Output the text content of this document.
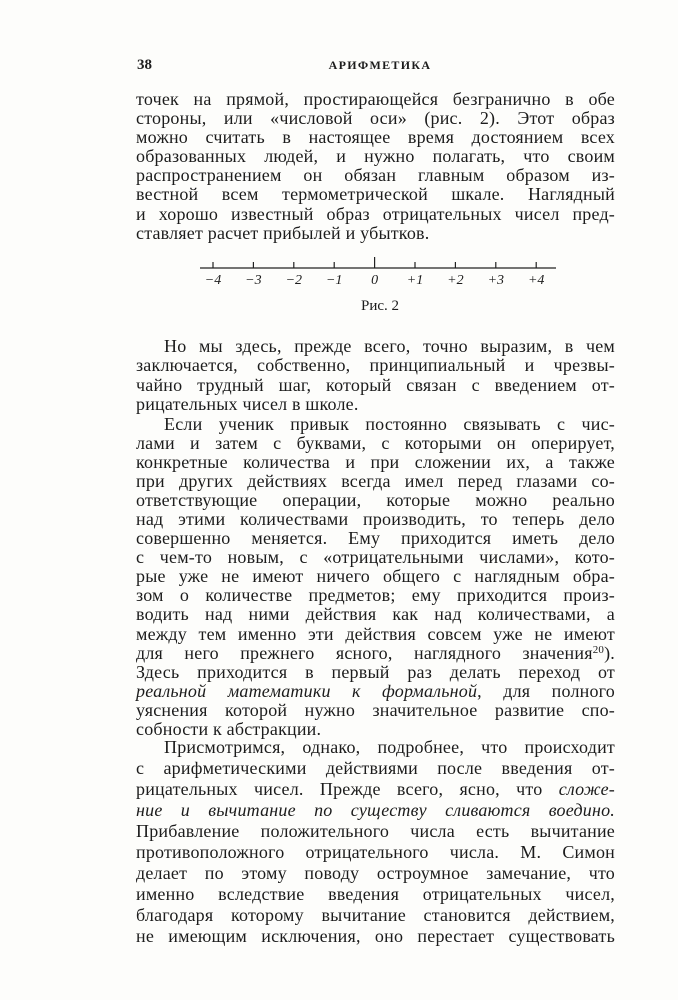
38	АРИФМЕТИКА
точек на прямой, простирающейся безгранично в обе
стороны, или «числовой оси» (рис. 2). Этот образ
можно считать в настоящее время достоянием всех
образованных людей, и нужно полагать, что своим
распространением он обязан главным образом из-
вестной всем термометрической шкале. Наглядный
и хорошо известный образ отрицательных чисел пред-
ставляет расчет прибылей и убытков.
−4 −3 −2 −1 0 +1 +2 +3 +4
Рис. 2
Но мы здесь, прежде всего, точно выразим, в чем
заключается, собственно, принципиальный и чрезвы-
чайно трудный шаг, который связан с введением от-
рицательных чисел в школе.
Если ученик привык постоянно связывать с чис-
лами и затем с буквами, с которыми он оперирует,
конкретные количества и при сложении их, а также
при других действиях всегда имел перед глазами со-
ответствующие операции, которые можно реально
над этими количествами производить, то теперь дело
совершенно меняется. Ему приходится иметь дело
с чем-то новым, с «отрицательными числами», кото-
рые уже не имеют ничего общего с наглядным обра-
зом о количестве предметов; ему приходится произ-
водить над ними действия как над количествами, а
между тем именно эти действия совсем уже не имеют
для него прежнего ясного, наглядного значения$^{20}$).
Здесь приходится в первый раз делать переход от
реальной математики к формальной, для полного
уяснения которой нужно значительное развитие спо-
собности к абстракции.
Присмотримся, однако, подробнее, что происходит
с арифметическими действиями после введения от-
рицательных чисел. Прежде всего, ясно, что сложе-
ние и вычитание по существу сливаются воедино.
Прибавление положительного числа есть вычитание
противоположного отрицательного числа. М. Симон
делает по этому поводу остроумное замечание, что
именно вследствие введения отрицательных чисел,
благодаря которому вычитание становится действием,
не имеющим исключения, оно перестает существовать
